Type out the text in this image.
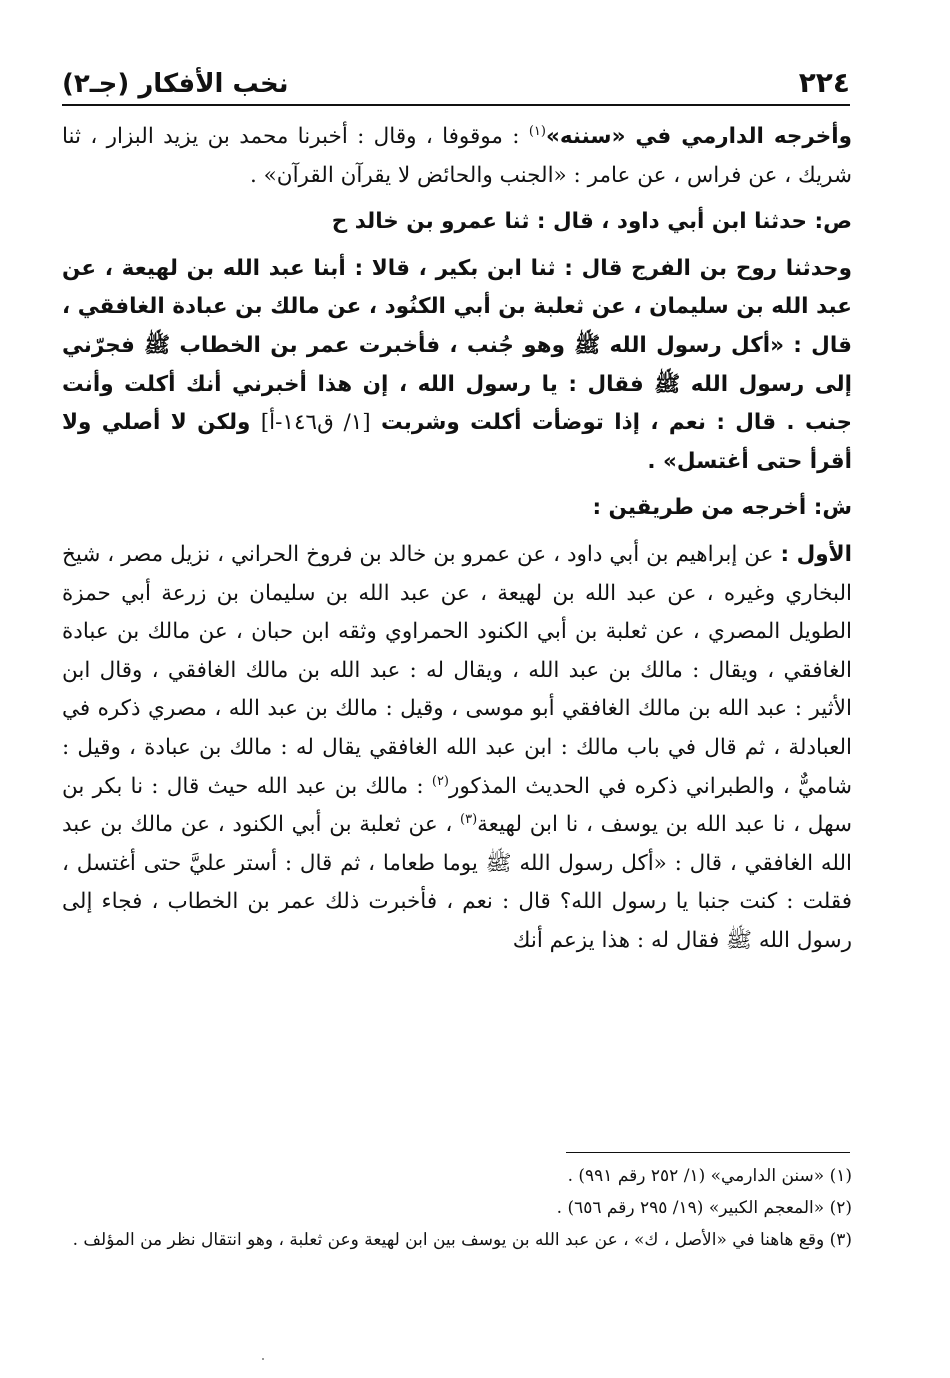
٢٢٤
نخب الأفكار (جـ٢)

وأخرجه الدارمي في «سننه»$^{(١)}$ : موقوفا ، وقال : أخبرنا محمد بن يزيد البزار ، ثنا شريك ، عن فراس ، عن عامر : «الجنب والحائض لا يقرآن القرآن» .

ص: حدثنا ابن أبي داود ، قال : ثنا عمرو بن خالد ح

وحدثنا روح بن الفرج قال : ثنا ابن بكير ، قالا : أبنا عبد الله بن لهيعة ، عن عبد الله بن سليمان ، عن ثعلبة بن أبي الكنُود ، عن مالك بن عبادة الغافقي ، قال : «أكل رسول الله ﷺ وهو جُنب ، فأخبرت عمر بن الخطاب ﷺ فجرّني إلى رسول الله ﷺ فقال : يا رسول الله ، إن هذا أخبرني أنك أكلت وأنت جنب . قال : نعم ، إذا توضأت أكلت وشربت [١/ ق١٤٦-أ] ولكن لا أصلي ولا أقرأ حتى أغتسل» .

ش: أخرجه من طريقين :

الأول : عن إبراهيم بن أبي داود ، عن عمرو بن خالد بن فروخ الحراني ، نزيل مصر ، شيخ البخاري وغيره ، عن عبد الله بن لهيعة ، عن عبد الله بن سليمان بن زرعة أبي حمزة الطويل المصري ، عن ثعلبة بن أبي الكنود الحمراوي وثقه ابن حبان ، عن مالك بن عبادة الغافقي ، ويقال : مالك بن عبد الله ، ويقال له : عبد الله بن مالك الغافقي ، وقال ابن الأثير : عبد الله بن مالك الغافقي أبو موسى ، وقيل : مالك بن عبد الله ، مصري ذكره في العبادلة ، ثم قال في باب مالك : ابن عبد الله الغافقي يقال له : مالك بن عبادة ، وقيل : شاميٌّ ، والطبراني ذكره في الحديث المذكور$^{(٢)}$ : مالك بن عبد الله حيث قال : نا بكر بن سهل ، نا عبد الله بن يوسف ، نا ابن لهيعة$^{(٣)}$ ، عن ثعلبة بن أبي الكنود ، عن مالك بن عبد الله الغافقي ، قال : «أكل رسول الله ﷺ يوما طعاما ، ثم قال : أستر عليَّ حتى أغتسل ، فقلت : كنت جنبا يا رسول الله؟ قال : نعم ، فأخبرت ذلك عمر بن الخطاب ، فجاء إلى رسول الله ﷺ فقال له : هذا يزعم أنك

(١) «سنن الدارمي» (١/ ٢٥٢ رقم ٩٩١) .

(٢) «المعجم الكبير» (١٩/ ٢٩٥ رقم ٦٥٦) .

(٣) وقع هاهنا في «الأصل ، ك» ، عن عبد الله بن يوسف بين ابن لهيعة وعن ثعلبة ، وهو انتقال نظر من المؤلف .
